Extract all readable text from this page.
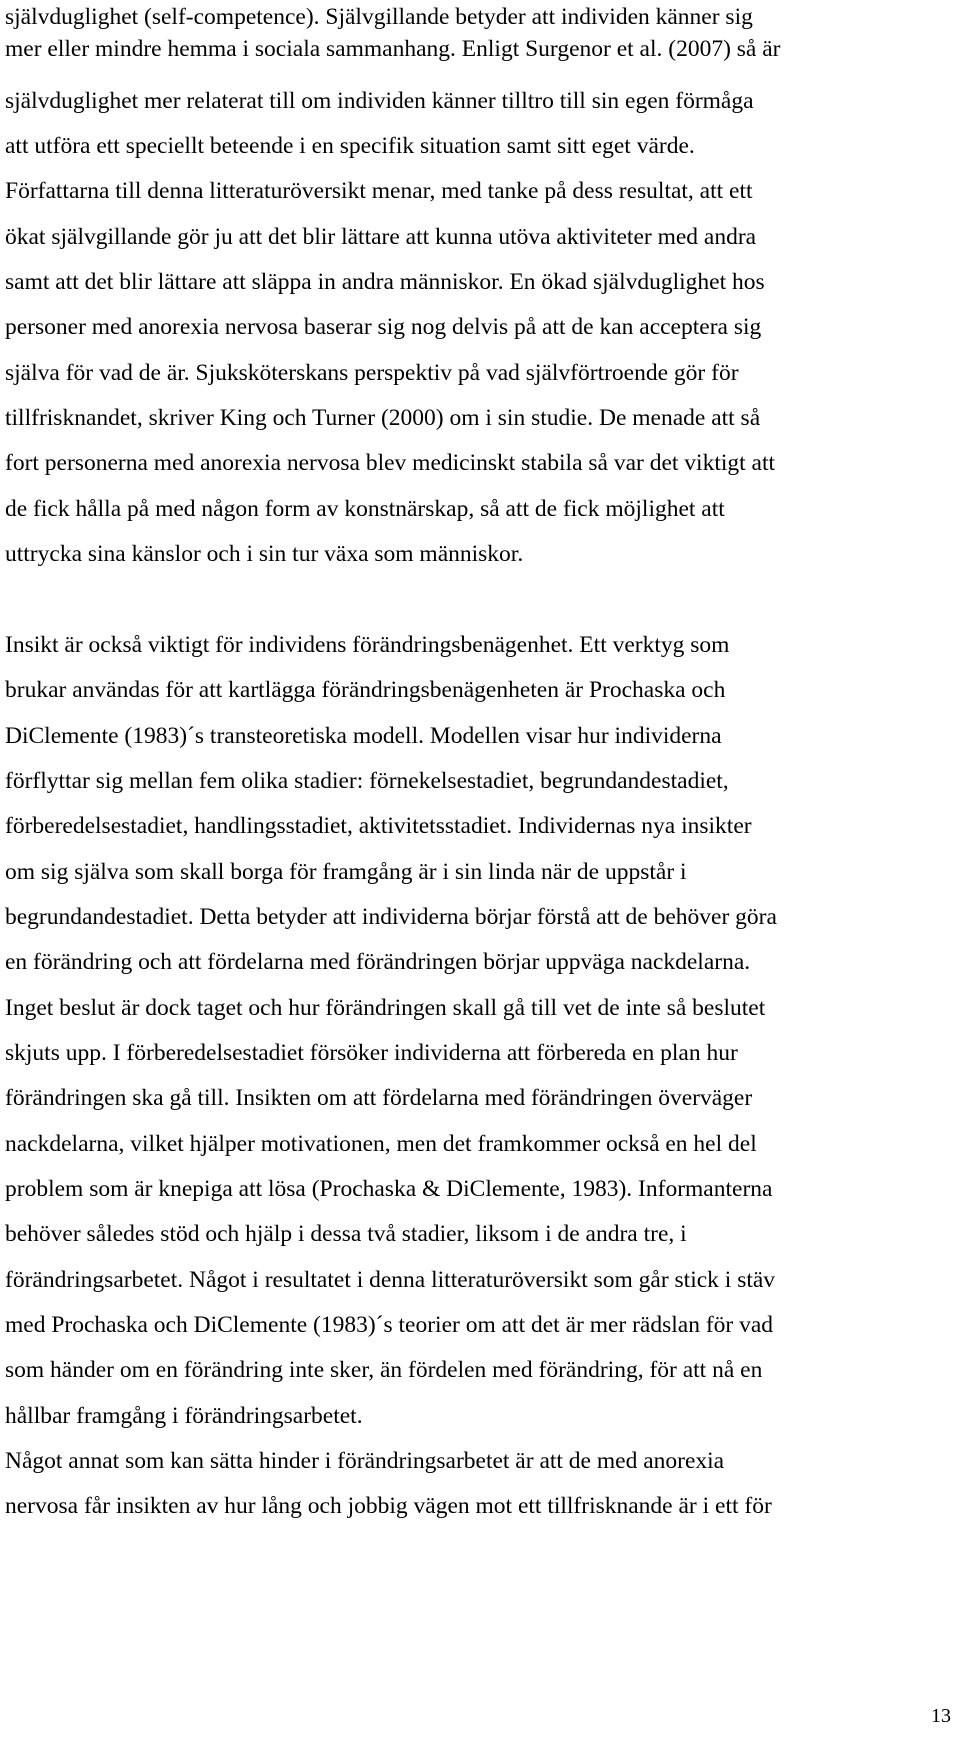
självduglighet (self-competence). Självgillande betyder att individen känner sig
mer eller mindre hemma i sociala sammanhang. Enligt Surgenor et al. (2007) så är
självduglighet mer relaterat till om individen känner tilltro till sin egen förmåga
att utföra ett speciellt beteende i en specifik situation samt sitt eget värde.
Författarna till denna litteraturöversikt menar, med tanke på dess resultat, att ett
ökat självgillande gör ju att det blir lättare att kunna utöva aktiviteter med andra
samt att det blir lättare att släppa in andra människor. En ökad självduglighet hos
personer med anorexia nervosa baserar sig nog delvis på att de kan acceptera sig
själva för vad de är. Sjuksköterskans perspektiv på vad självförtroende gör för
tillfrisknandet, skriver King och Turner (2000) om i sin studie. De menade att så
fort personerna med anorexia nervosa blev medicinskt stabila så var det viktigt att
de fick hålla på med någon form av konstnärskap, så att de fick möjlighet att
uttrycka sina känslor och i sin tur växa som människor.
Insikt är också viktigt för individens förändringsbenägenhet. Ett verktyg som
brukar användas för att kartlägga förändringsbenägenheten är Prochaska och
DiClemente (1983)´s transteoretiska modell. Modellen visar hur individerna
förflyttar sig mellan fem olika stadier: förnekelsestadiet, begrundandestadiet,
förberedelsestadiet, handlingsstadiet, aktivitetsstadiet. Individernas nya insikter
om sig själva som skall borga för framgång är i sin linda när de uppstår i
begrundandestadiet. Detta betyder att individerna börjar förstå att de behöver göra
en förändring och att fördelarna med förändringen börjar uppväga nackdelarna.
Inget beslut är dock taget och hur förändringen skall gå till vet de inte så beslutet
skjuts upp. I förberedelsestadiet försöker individerna att förbereda en plan hur
förändringen ska gå till. Insikten om att fördelarna med förändringen överväger
nackdelarna, vilket hjälper motivationen, men det framkommer också en hel del
problem som är knepiga att lösa (Prochaska & DiClemente, 1983). Informanterna
behöver således stöd och hjälp i dessa två stadier, liksom i de andra tre, i
förändringsarbetet. Något i resultatet i denna litteraturöversikt som går stick i stäv
med Prochaska och DiClemente (1983)´s teorier om att det är mer rädslan för vad
som händer om en förändring inte sker, än fördelen med förändring, för att nå en
hållbar framgång i förändringsarbetet.
Något annat som kan sätta hinder i förändringsarbetet är att de med anorexia
nervosa får insikten av hur lång och jobbig vägen mot ett tillfrisknande är i ett för
13
